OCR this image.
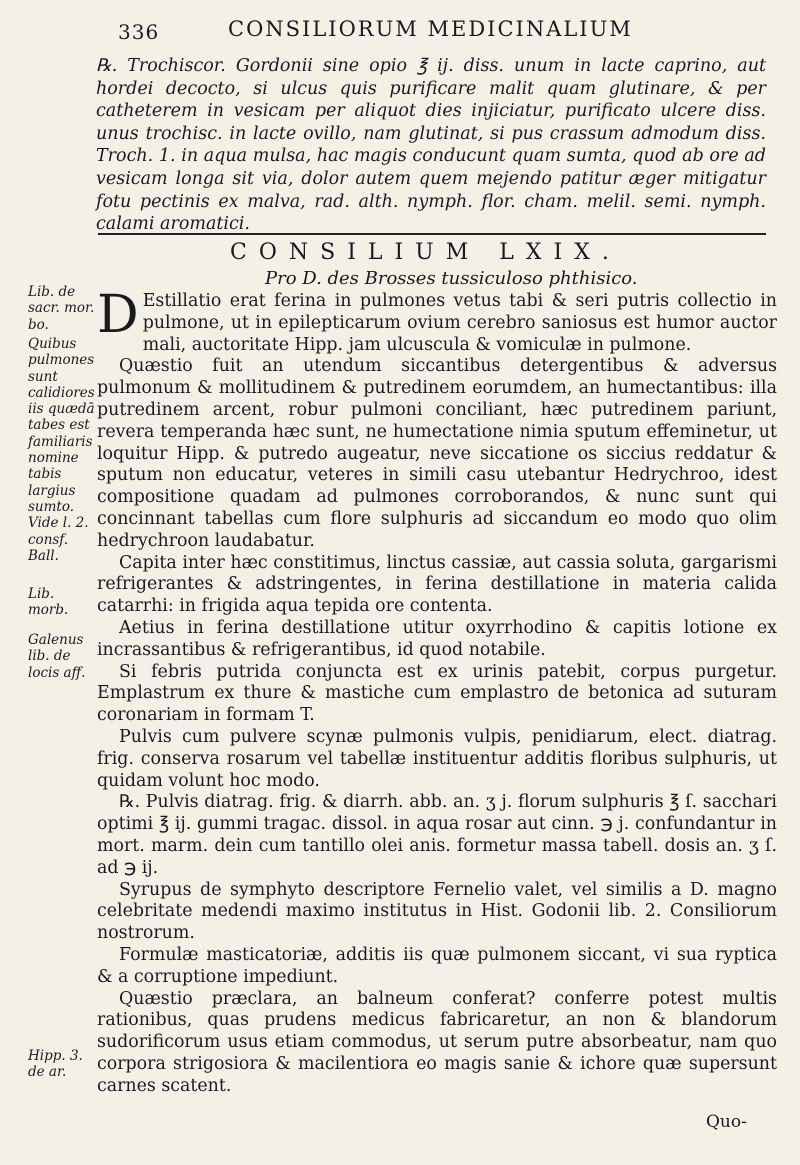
336	CONSILIORUM MEDICINALIUM

℞. Trochiscor. Gordonii sine opio ℥ ij. diss. unum in lacte caprino, aut hordei decocto, si ulcus quis purificare malit quam glutinare, & per catheterem in vesicam per aliquot dies injiciatur, purificato ulcere diss. unus trochisc. in lacte ovillo, nam glutinat, si pus crassum admodum diss. Troch. 1. in aqua mulsa, hac magis conducunt quam sumta, quod ab ore ad vesicam longa sit via, dolor autem quem mejendo patitur æger mitigatur fotu pectinis ex malva, rad. alth. nymph. flor. cham. melil. semi. nymph. calami aromatici.

CONSILIUM LXIX.
Pro D. des Brosses tussiculoso phthisico.
Lib. de sacr. mor. bo.
Quibus pulmones sunt calidiores iis quædā tabes est familiaris nomine tabis largius sumto. Vide l. 2. consf. Ball.
Lib. morb.
Galenus lib. de locis aff.
Hipp. 3. de ar.

D Estillatio erat ferina in pulmones vetus tabi & seri putris collectio in pulmone, ut in epilepticarum ovium cerebro saniosus est humor auctor mali, auctoritate Hipp. jam ulcuscula & vomiculæ in pulmone.

Quæstio fuit an utendum siccantibus detergentibus & adversus pulmonum & mollitudinem & putredinem eorumdem, an humectantibus: illa putredinem arcent, robur pulmoni conciliant, hæc putredinem pariunt, revera temperanda hæc sunt, ne humectatione nimia sputum effeminetur, ut loquitur Hipp. & putredo augeatur, neve siccatione os siccius reddatur & sputum non educatur, veteres in simili casu utebantur Hedrychroo, idest compositione quadam ad pulmones corroborandos, & nunc sunt qui concinnant tabellas cum flore sulphuris ad siccandum eo modo quo olim hedrychroon laudabatur.

Capita inter hæc constitimus, linctus cassiæ, aut cassia soluta, gargarismi refrigerantes & adstringentes, in ferina destillatione in materia calida catarrhi: in frigida aqua tepida ore contenta.

Aetius in ferina destillatione utitur oxyrrhodino & capitis lotione ex incrassantibus & refrigerantibus, id quod notabile.

Si febris putrida conjuncta est ex urinis patebit, corpus purgetur. Emplastrum ex thure & mastiche cum emplastro de betonica ad suturam coronariam in formam T.

Pulvis cum pulvere scynæ pulmonis vulpis, penidiarum, elect. diatrag. frig. conserva rosarum vel tabellæ instituentur additis floribus sulphuris, ut quidam volunt hoc modo.

℞. Pulvis diatrag. frig. & diarrh. abb. an. ʒ j. florum sulphuris ℥ ſ. sacchari optimi ℥ ij. gummi tragac. dissol. in aqua rosar aut cinn. ℈ j. confundantur in mort. marm. dein cum tantillo olei anis. formetur massa tabell. dosis an. ʒ ſ. ad ℈ ij.

Syrupus de symphyto descriptore Fernelio valet, vel similis a D. magno celebritate medendi maximo institutus in Hist. Godonii lib. 2. Consiliorum nostrorum.

Formulæ masticatoriæ, additis iis quæ pulmonem siccant, vi sua ryptica & a corruptione impediunt.

Quæstio præclara, an balneum conferat? conferre potest multis rationibus, quas prudens medicus fabricaretur, an non & blandorum sudorificorum usus etiam commodus, ut serum putre absorbeatur, nam quo corpora strigosiora & macilentiora eo magis sanie & ichore quæ supersunt carnes scatent.

Quo-
